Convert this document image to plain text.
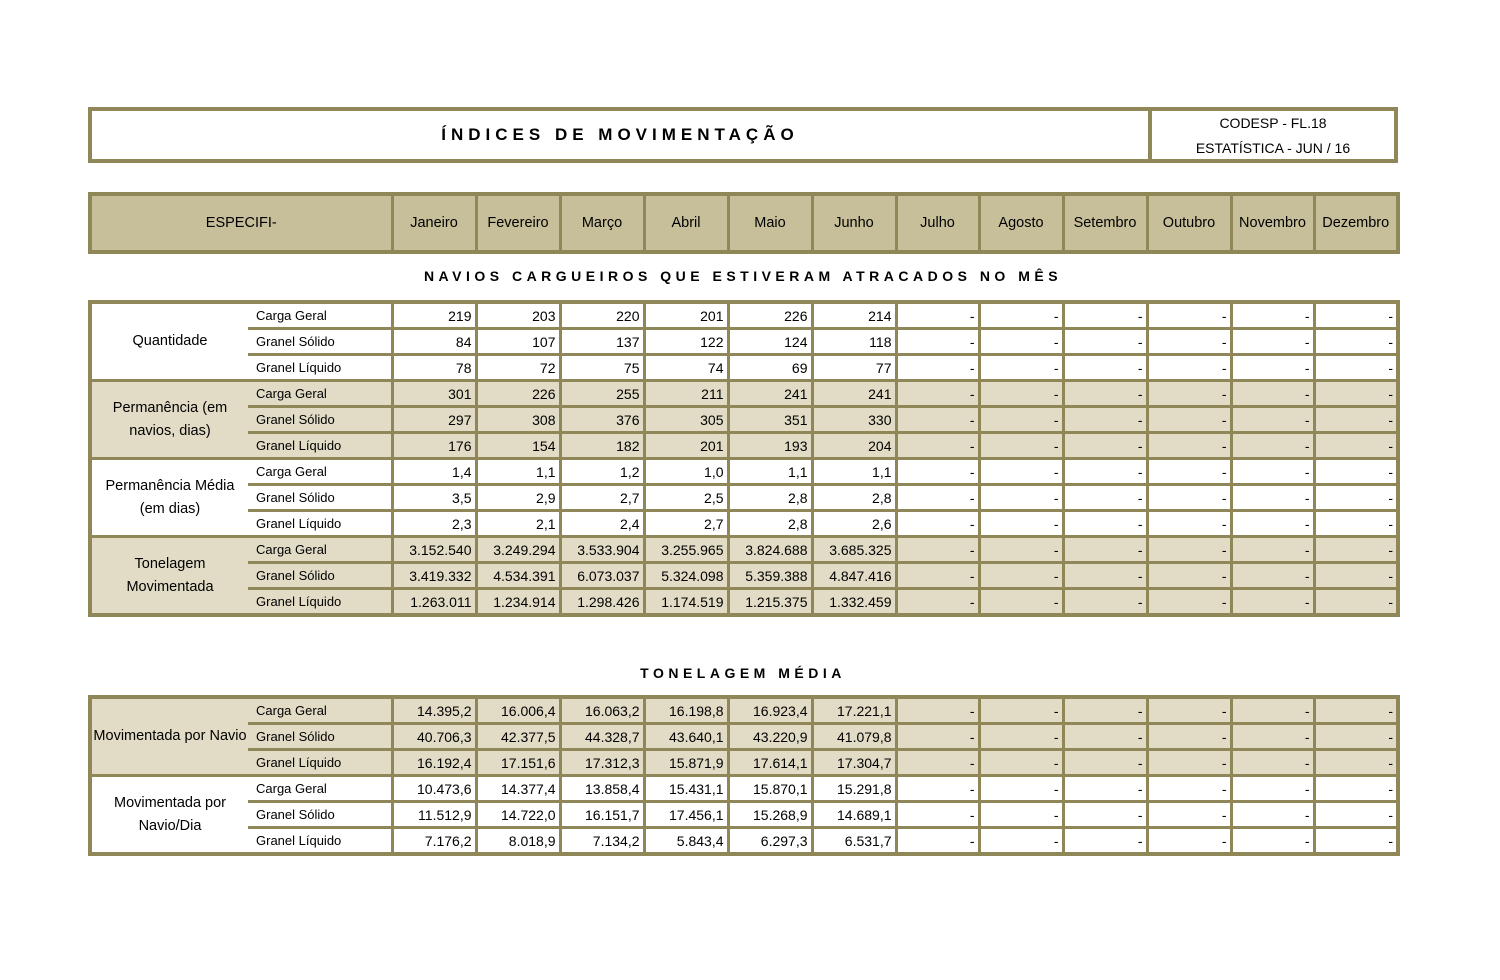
ÍNDICES DE MOVIMENTAÇÃO
CODESP - FL.18
ESTATÍSTICA - JUN / 16
ESPECIFI-	Janeiro	Fevereiro	Março	Abril	Maio	Junho	Julho	Agosto	Setembro	Outubro	Novembro	Dezembro
NAVIOS CARGUEIROS QUE ESTIVERAM ATRACADOS NO MÊS
Quantidade	Carga Geral	219	203	220	201	226	214	-	-	-	-	-	-
	Granel Sólido	84	107	137	122	124	118	-	-	-	-	-	-
	Granel Líquido	78	72	75	74	69	77	-	-	-	-	-	-
Permanência (em navios, dias)	Carga Geral	301	226	255	211	241	241	-	-	-	-	-	-
	Granel Sólido	297	308	376	305	351	330	-	-	-	-	-	-
	Granel Líquido	176	154	182	201	193	204	-	-	-	-	-	-
Permanência Média (em dias)	Carga Geral	1,4	1,1	1,2	1,0	1,1	1,1	-	-	-	-	-	-
	Granel Sólido	3,5	2,9	2,7	2,5	2,8	2,8	-	-	-	-	-	-
	Granel Líquido	2,3	2,1	2,4	2,7	2,8	2,6	-	-	-	-	-	-
Tonelagem Movimentada	Carga Geral	3.152.540	3.249.294	3.533.904	3.255.965	3.824.688	3.685.325	-	-	-	-	-	-
	Granel Sólido	3.419.332	4.534.391	6.073.037	5.324.098	5.359.388	4.847.416	-	-	-	-	-	-
	Granel Líquido	1.263.011	1.234.914	1.298.426	1.174.519	1.215.375	1.332.459	-	-	-	-	-	-
TONELAGEM MÉDIA
Movimentada por Navio	Carga Geral	14.395,2	16.006,4	16.063,2	16.198,8	16.923,4	17.221,1	-	-	-	-	-	-
	Granel Sólido	40.706,3	42.377,5	44.328,7	43.640,1	43.220,9	41.079,8	-	-	-	-	-	-
	Granel Líquido	16.192,4	17.151,6	17.312,3	15.871,9	17.614,1	17.304,7	-	-	-	-	-	-
Movimentada por Navio/Dia	Carga Geral	10.473,6	14.377,4	13.858,4	15.431,1	15.870,1	15.291,8	-	-	-	-	-	-
	Granel Sólido	11.512,9	14.722,0	16.151,7	17.456,1	15.268,9	14.689,1	-	-	-	-	-	-
	Granel Líquido	7.176,2	8.018,9	7.134,2	5.843,4	6.297,3	6.531,7	-	-	-	-	-	-
